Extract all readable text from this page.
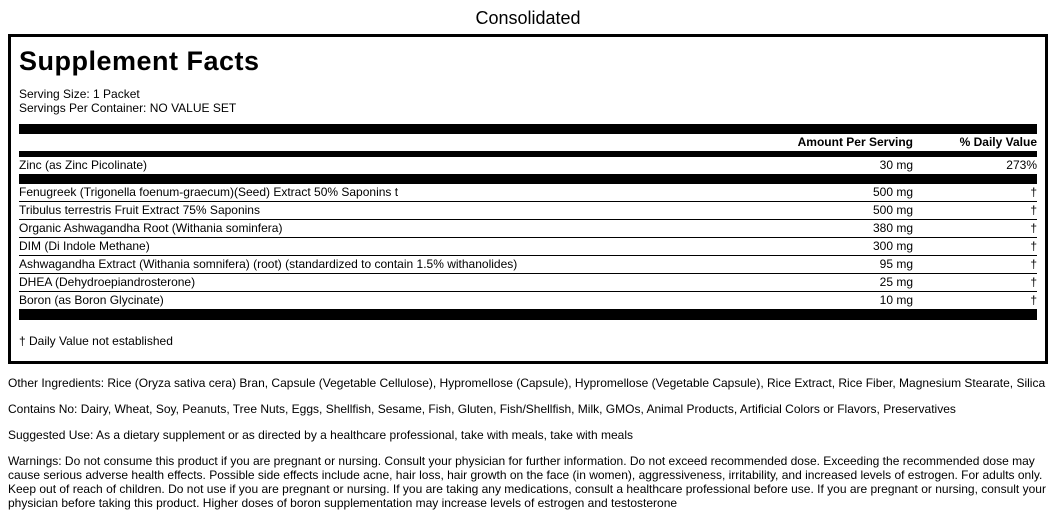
Consolidated
Supplement Facts
Serving Size: 1 Packet
Servings Per Container: NO VALUE SET
Amount Per Serving	% Daily Value
Zinc (as Zinc Picolinate)	30 mg	273%
Fenugreek (Trigonella foenum-graecum)(Seed) Extract 50% Saponins t	500 mg	†
Tribulus terrestris Fruit Extract 75% Saponins	500 mg	†
Organic Ashwagandha Root (Withania sominfera)	380 mg	†
DIM (Di Indole Methane)	300 mg	†
Ashwagandha Extract (Withania somnifera) (root) (standardized to contain 1.5% withanolides)	95 mg	†
DHEA (Dehydroepiandrosterone)	25 mg	†
Boron (as Boron Glycinate)	10 mg	†
† Daily Value not established

Other Ingredients: Rice (Oryza sativa cera) Bran, Capsule (Vegetable Cellulose), Hypromellose (Capsule), Hypromellose (Vegetable Capsule), Rice Extract, Rice Fiber, Magnesium Stearate, Silica

Contains No: Dairy, Wheat, Soy, Peanuts, Tree Nuts, Eggs, Shellfish, Sesame, Fish, Gluten, Fish/Shellfish, Milk, GMOs, Animal Products, Artificial Colors or Flavors, Preservatives

Suggested Use: As a dietary supplement or as directed by a healthcare professional, take with meals, take with meals

Warnings: Do not consume this product if you are pregnant or nursing. Consult your physician for further information. Do not exceed recommended dose. Exceeding the recommended dose may cause serious adverse health effects. Possible side effects include acne, hair loss, hair growth on the face (in women), aggressiveness, irritability, and increased levels of estrogen. For adults only. Keep out of reach of children. Do not use if you are pregnant or nursing. If you are taking any medications, consult a healthcare professional before use. If you are pregnant or nursing, consult your physician before taking this product. Higher doses of boron supplementation may increase levels of estrogen and testosterone
